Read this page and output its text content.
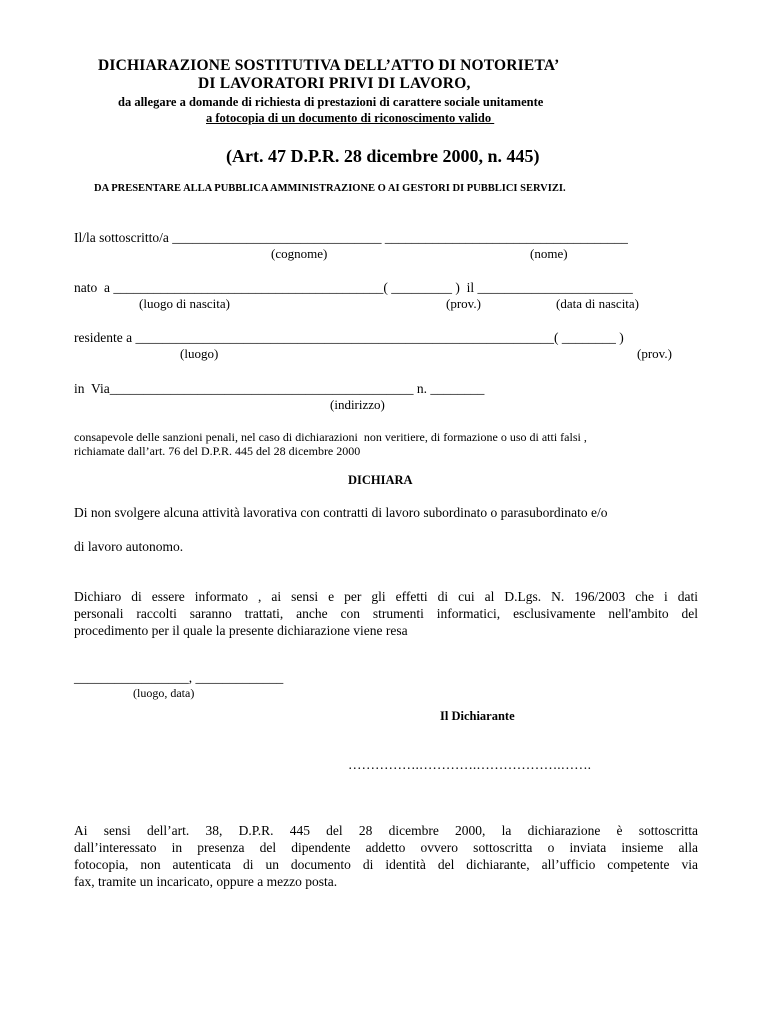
DICHIARAZIONE SOSTITUTIVA DELL’ATTO DI NOTORIETA’
DI LAVORATORI PRIVI DI LAVORO,
da allegare a domande di richiesta di prestazioni di carattere sociale unitamente
a fotocopia di un documento di riconoscimento valido
(Art. 47 D.P.R. 28 dicembre 2000, n. 445)
DA PRESENTARE ALLA PUBBLICA AMMINISTRAZIONE O AI GESTORI DI PUBBLICI SERVIZI.
Il/la sottoscritto/a _______________________________ ____________________________________
(cognome)	(nome)
nato  a ________________________________________( _________ )  il _______________________
(luogo di nascita)	(prov.)	(data di nascita)
residente a ______________________________________________________________( ________ )
(luogo)	(prov.)
in  Via_____________________________________________ n. ________
(indirizzo)
consapevole delle sanzioni penali, nel caso di dichiarazioni  non veritiere, di formazione o uso di atti falsi ,
richiamate dall’art. 76 del D.P.R. 445 del 28 dicembre 2000
DICHIARA
Di non svolgere alcuna attività lavorativa con contratti di lavoro subordinato o parasubordinato e/o
di lavoro autonomo.
Dichiaro di essere informato , ai sensi e per gli effetti di cui al D.Lgs. N. 196/2003 che i dati
personali raccolti saranno trattati, anche con strumenti informatici, esclusivamente nell'ambito del
procedimento per il quale la presente dichiarazione viene resa
_________________, _____________
(luogo, data)
Il Dichiarante
…………….………….……………….…….
Ai sensi dell’art. 38, D.P.R. 445 del 28 dicembre 2000, la dichiarazione è sottoscritta
dall’interessato in presenza del dipendente addetto ovvero sottoscritta o inviata insieme alla
fotocopia, non autenticata di un documento di identità del dichiarante, all’ufficio competente via
fax, tramite un incaricato, oppure a mezzo posta.
